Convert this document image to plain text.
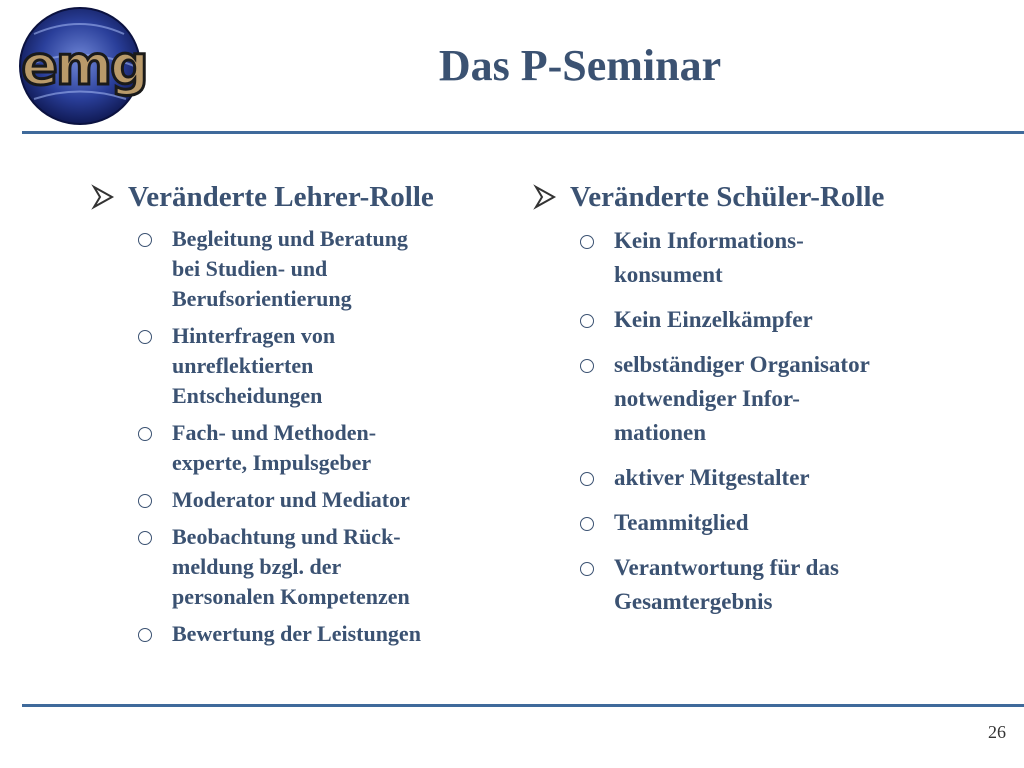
emg	Das P-Seminar
Veränderte Lehrer-Rolle
Begleitung und Beratung
bei Studien- und
Berufsorientierung
Hinterfragen von
unreflektierten
Entscheidungen
Fach- und Methoden-
experte, Impulsgeber
Moderator und Mediator
Beobachtung und Rück-
meldung bzgl. der
personalen Kompetenzen
Bewertung der Leistungen
Veränderte Schüler-Rolle
Kein Informations-
konsument
Kein Einzelkämpfer
selbständiger Organisator
notwendiger Infor-
mationen
aktiver Mitgestalter
Teammitglied
Verantwortung für das
Gesamtergebnis
26
